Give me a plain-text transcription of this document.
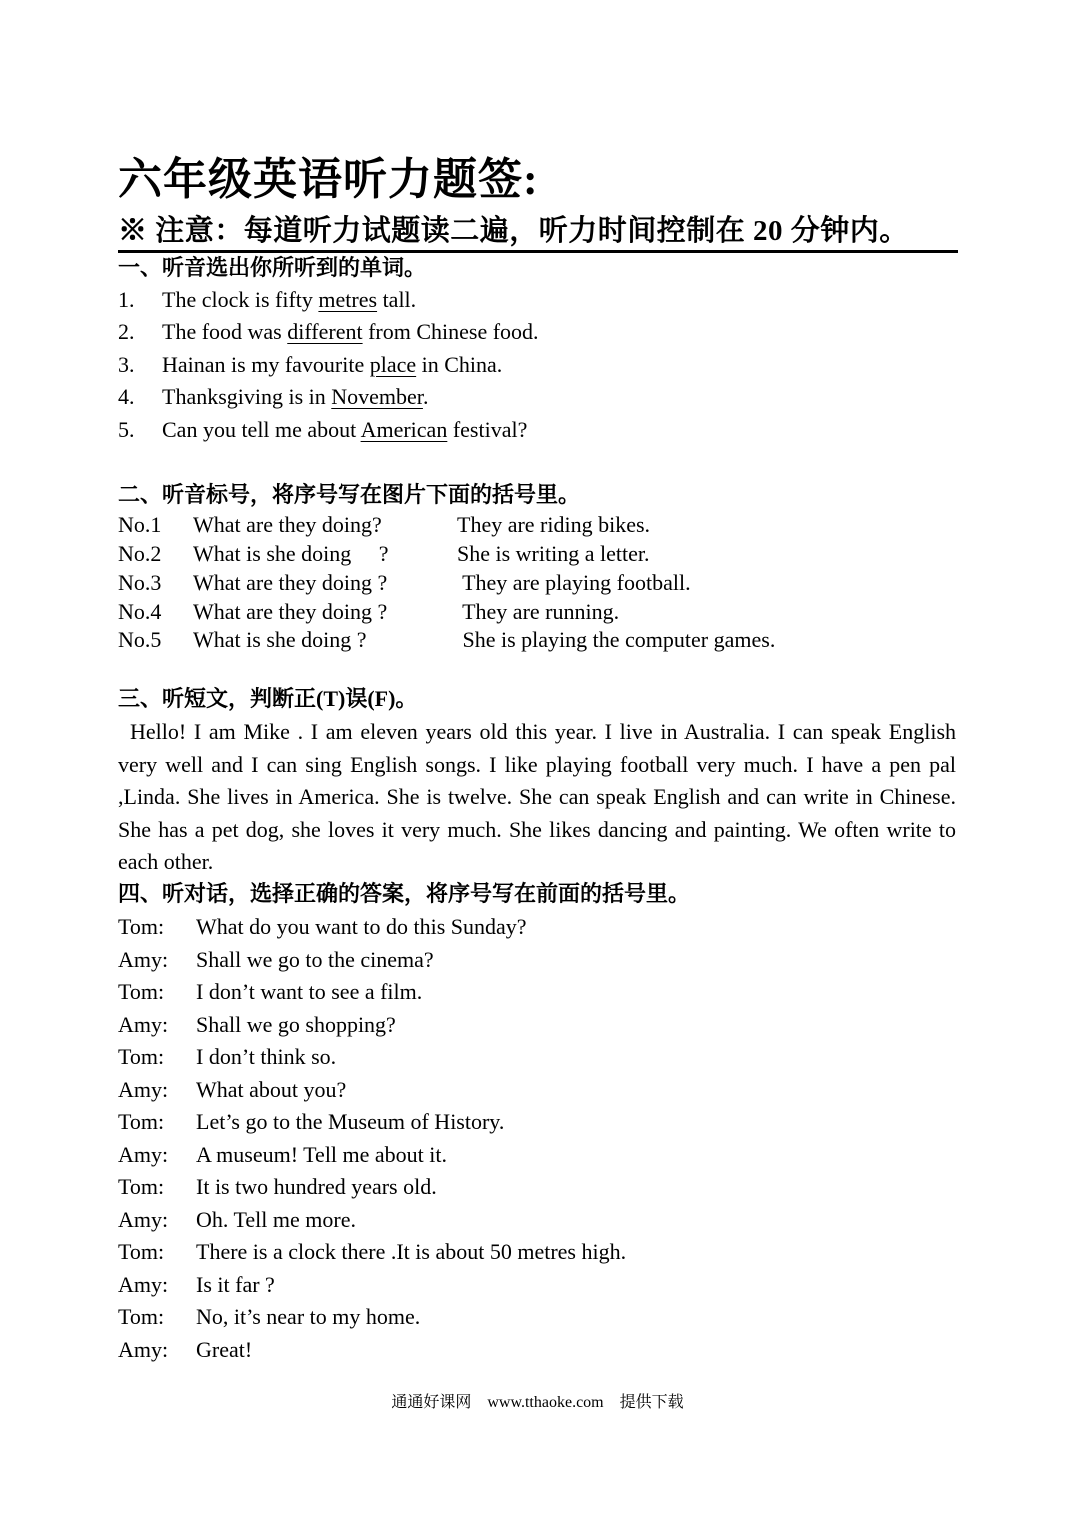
六年级英语听力题签:
※ 注意：每道听力试题读二遍，听力时间控制在 20 分钟内。
一、听音选出你所听到的单词。
1. The clock is fifty metres tall.
2. The food was different from Chinese food.
3. Hainan is my favourite place in China.
4. Thanksgiving is in November.
5. Can you tell me about American festival?
二、听音标号，将序号写在图片下面的括号里。
No.1 What are they doing?	They are riding bikes.
No.2 What is she doing　 ?	She is writing a letter.
No.3 What are they doing ?	They are playing football.
No.4 What are they doing ?	They are running.
No.5 What is she doing ?	She is playing the computer games.
三、听短文，判断正(T)误(F)。
Hello! I am Mike . I am eleven years old this year. I live in Australia. I can speak English very well and I can sing English songs. I like playing football very much. I have a pen pal ,Linda. She lives in America. She is twelve. She can speak English and can write in Chinese. She has a pet dog, she loves it very much. She likes dancing and painting. We often write to each other.
四、听对话，选择正确的答案，将序号写在前面的括号里。
Tom: What do you want to do this Sunday?
Amy: Shall we go to the cinema?
Tom: I don’t want to see a film.
Amy: Shall we go shopping?
Tom: I don’t think so.
Amy: What about you?
Tom: Let’s go to the Museum of History.
Amy: A museum! Tell me about it.
Tom: It is two hundred years old.
Amy: Oh. Tell me more.
Tom: There is a clock there .It is about 50 metres high.
Amy: Is it far ?
Tom: No, it’s near to my home.
Amy: Great!
通通好课网　www.tthaoke.com　提供下载
